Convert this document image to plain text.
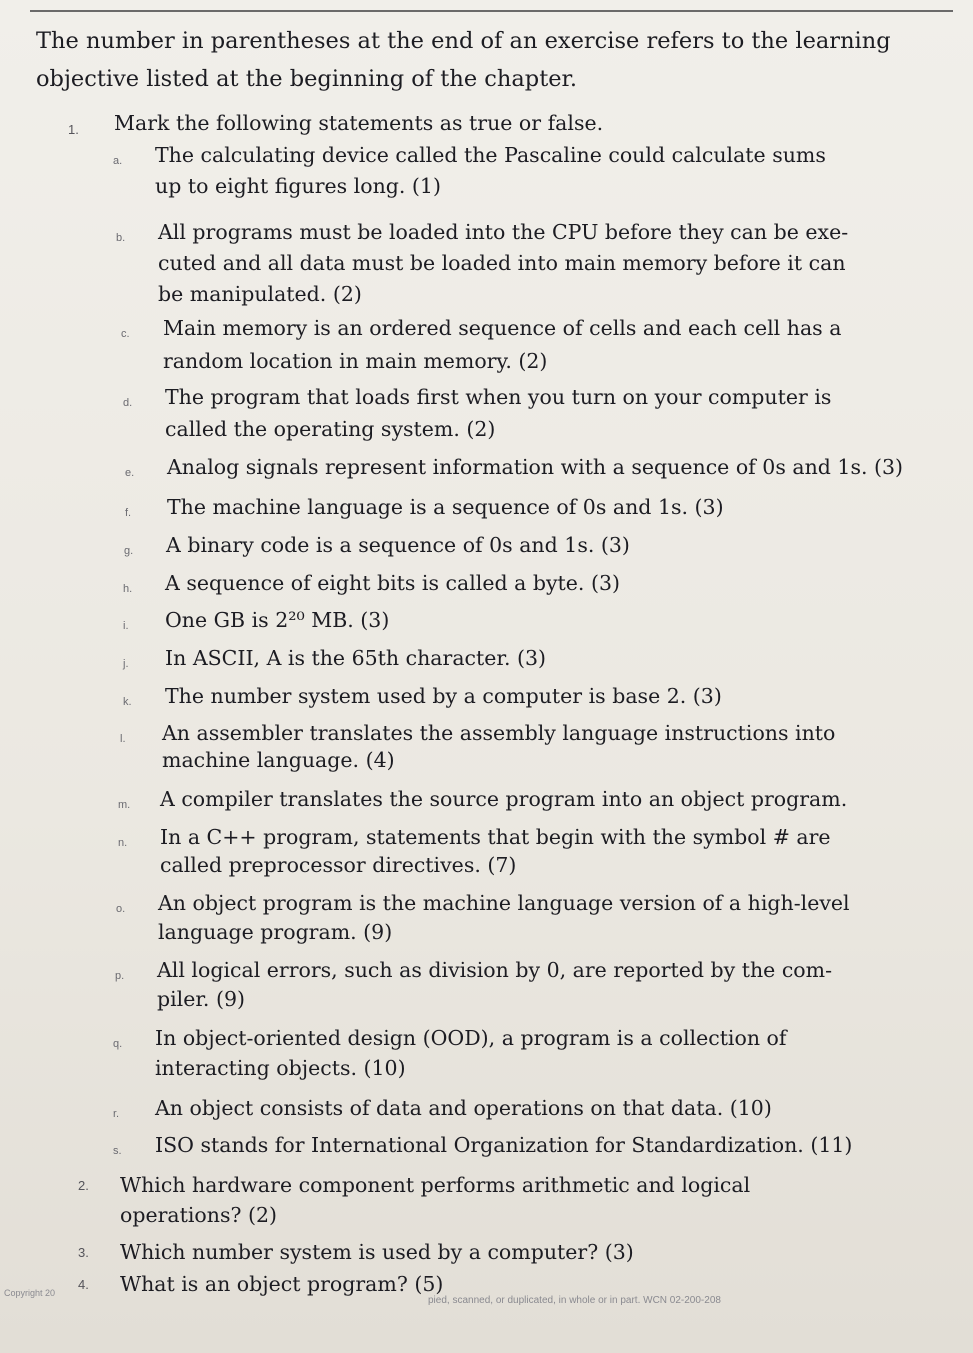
The number in parentheses at the end of an exercise refers to the learning objective listed at the beginning of the chapter.

1. Mark the following statements as true or false.
a. The calculating device called the Pascaline could calculate sums
up to eight figures long. (1)
b. All programs must be loaded into the CPU before they can be exe-
cuted and all data must be loaded into main memory before it can
be manipulated. (2)
c. Main memory is an ordered sequence of cells and each cell has a
random location in main memory. (2)
d. The program that loads first when you turn on your computer is
called the operating system. (2)
e. Analog signals represent information with a sequence of 0s and 1s. (3)
f. The machine language is a sequence of 0s and 1s. (3)
g. A binary code is a sequence of 0s and 1s. (3)
h. A sequence of eight bits is called a byte. (3)
i. One GB is 2²⁰ MB. (3)
j. In ASCII, A is the 65th character. (3)
k. The number system used by a computer is base 2. (3)
l. An assembler translates the assembly language instructions into
machine language. (4)
m. A compiler translates the source program into an object program.
n. In a C++ program, statements that begin with the symbol # are
called preprocessor directives. (7)
o. An object program is the machine language version of a high-level
language program. (9)
p. All logical errors, such as division by 0, are reported by the com-
piler. (9)
q. In object-oriented design (OOD), a program is a collection of
interacting objects. (10)
r. An object consists of data and operations on that data. (10)
s. ISO stands for International Organization for Standardization. (11)
2. Which hardware component performs arithmetic and logical
operations? (2)
3. Which number system is used by a computer? (3)
4. What is an object program? (5)
Copyright 20
pied, scanned, or duplicated, in whole or in part. WCN 02-200-208
